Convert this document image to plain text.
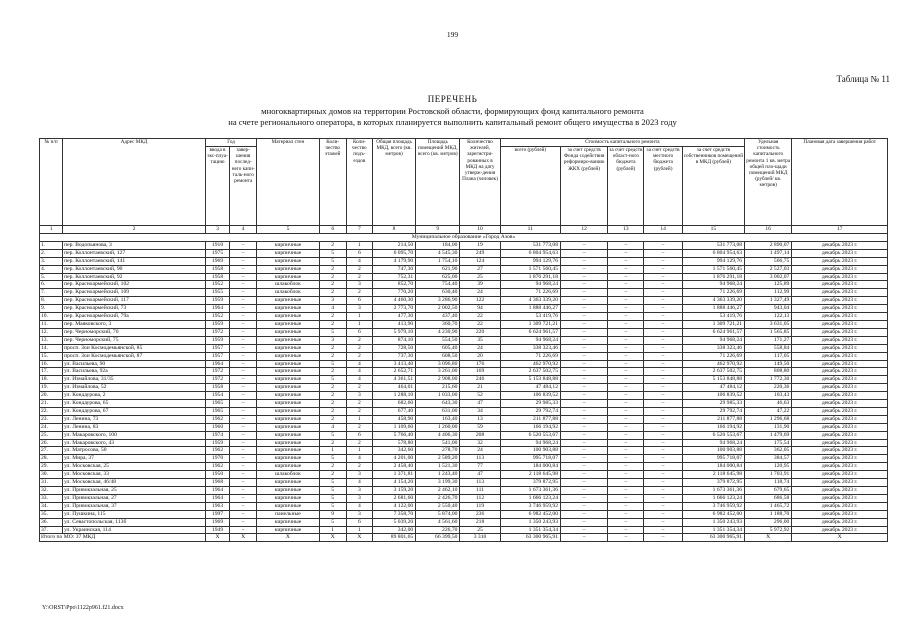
199
Таблица № 11
ПЕРЕЧЕНЬ
многоквартирных домов на территории Ростовской области, формирующих фонд капитального ремонта
на счете регионального оператора, в которых планируется выполнить капитальный ремонт общего имущества в 2023 году
№ п/п	Адрес МКД	Год		Материал стен	Коли-чество этажей	Коли-чество подъ-ездов	Общая площадь МКД, всего (кв. метров)	Площадь помещений МКД, всего (кв. метров)	Количество жителей, зарегистри-рованных в МКД на дату утверж-дения Плана (человек)	Стоимость капитального ремонта					Удельная стоимость капитального ремонта 1 кв. метра общей пло-щади помещений МКД (рублей/ кв. метров)	Плановая дата завершения работ
		ввода в экс-плуа-тацию	завер-шения послед-него капи-таль-ного ремонта							всего (рублей)	за счет средств Фонда содействия реформиро-ванию ЖКХ (рублей)	за счет средств област-ного бюджета (рублей)	за счет средств местного бюджета (рублей)	за счет средств собственников помещений в МКД (рублей)		
1	2	3	4	5	6	7	8	9	10	11	12	13	14	15	16	17
Муниципальное образование «Город Азов»																
1.	пер. Водопьянова, 3	1910	–	кирпичные	2	1	214,50	184,00	19	531 773,08	–	–	–	531 773,08	2 890,07	декабрь 2023 г.
2.	пер. Коллонтаевский, 127	1975	–	кирпичные	5	6	6 095,70	4 545,30	249	6 804 954,63	–	–	–	6 804 954,63	1 497,14	декабрь 2023 г.
3.	пер. Коллонтаевский, 141	1969	–	кирпичные	5	4	4 179,90	1 754,10	124	994 129,76	–	–	–	994 129,76	566,75	декабрь 2023 г.
4.	пер. Коллонтаевский, 90	1958	–	кирпичные	2	2	747,30	621,90	27	1 571 560,45	–	–	–	1 571 560,45	2 527,03	декабрь 2023 г.
5.	пер. Коллонтаевский, 92	1958	–	кирпичные	2	2	752,31	625,00	25	1 876 291,18	–	–	–	1 876 291,18	3 002,07	декабрь 2023 г.
6.	пер. Красноармейский, 102	1952	–	шлакоблок	2	3	852,70	754,40	39	94 968,24	–	–	–	94 968,24	125,89	декабрь 2023 г.
7.	пер. Красноармейский, 109	1955	–	шлакоблок	2	2	770,20	630,40	24	71 226,69	–	–	–	71 226,69	112,99	декабрь 2023 г.
8.	пер. Красноармейский, 117	1959	–	кирпичные	3	6	4 460,30	3 286,90	122	4 363 339,20	–	–	–	4 363 339,20	1 327,49	декабрь 2023 г.
9.	пер. Красноармейский, 73	1964	–	кирпичные	4	3	2 773,70	2 002,50	94	1 888 446,27	–	–	–	1 888 446,27	943,04	декабрь 2023 г.
10.	пер. Красноармейский, 79а	1952	–	кирпичные	2	1	477,30	437,40	22	53 419,76	–	–	–	53 419,76	122,13	декабрь 2023 г.
11.	пер. Маяковского, 3	1959	–	кирпичные	2	1	413,90	360,70	22	1 309 721,21	–	–	–	1 309 721,21	3 631,05	декабрь 2023 г.
12.	пер. Черноморский, 70	1972	–	кирпичные	5	6	5 979,10	4 230,90	220	6 624 961,57	–	–	–	6 624 961,57	1 565,85	декабрь 2023 г.
13.	пер. Черноморский, 75	1959	–	кирпичные	3	2	874,10	554,50	35	94 968,24	–	–	–	94 968,24	171,27	декабрь 2023 г.
14.	просп. Зои Космодемьянской, 85	1957	–	кирпичные	2	2	728,50	605,40	24	338 323,46	–	–	–	338 323,46	558,84	декабрь 2023 г.
15.	просп. Зои Космодемьянской, 87	1957	–	кирпичные	2	2	737,30	608,50	20	71 226,69	–	–	–	71 226,69	117,05	декабрь 2023 г.
16.	ул. Васильева, 90	1964	–	кирпичные	5	4	3 413,40	3 096,80	176	462 970,92	–	–	–	462 970,92	149,50	декабрь 2023 г.
17.	ул. Васильева, 92а	1972	–	кирпичные	2	4	2 652,71	3 261,00	169	2 637 502,75	–	–	–	2 637 502,75	808,80	декабрь 2023 г.
18.	ул. Измайлова, 31/35	1972	–	кирпичные	5	4	4 361,51	2 908,00	246	5 153 848,88	–	–	–	5 153 848,88	1 772,30	декабрь 2023 г.
19.	ул. Измайлова, 52	1958	–	кирпичные	2	2	464,01	215,60	21	47 484,12	–	–	–	47 484,12	220,36	декабрь 2023 г.
20.	ул. Кондаурова, 2	1954	–	кирпичные	2	3	1 288,10	1 033,00	52	106 839,52	–	–	–	106 839,52	103,43	декабрь 2023 г.
21.	ул. Кондаурова, 65	1965	–	кирпичные	2	2	682,60	643,30	47	29 985,33	–	–	–	29 985,33	46,63	декабрь 2023 г.
22.	ул. Кондаурова, 67	1965	–	кирпичные	2	2	677,40	631,00	34	29 792,74	–	–	–	29 792,74	47,22	декабрь 2023 г.
23.	ул. Ленина, 73	1962	–	кирпичные	2	1	458,90	163,40	13	211 877,88	–	–	–	211 877,88	1 296,68	декабрь 2023 г.
24.	ул. Ленина, 83	1960	–	кирпичные	4	2	1 109,60	1 260,00	59	166 194,92	–	–	–	166 194,92	131,90	декабрь 2023 г.
25.	ул. Макаровского, 100	1974	–	кирпичные	5	6	5 766,40	4 406,30	208	6 520 553,67	–	–	–	6 520 553,67	1 479,69	декабрь 2023 г.
26.	ул. Макаровского, 43	1959	–	кирпичные	2	2	578,80	541,00	32	94 968,24	–	–	–	94 968,24	175,54	декабрь 2023 г.
27.	ул. Матросова, 50	1962	–	кирпичные	1	1	342,60	278,70	24	100 903,88	–	–	–	100 903,88	362,05	декабрь 2023 г.
28.	ул. Мира, 37	1970	–	кирпичные	5	4	4 201,00	2 589,20	113	995 718,07	–	–	–	995 718,07	384,57	декабрь 2023 г.
29.	ул. Московская, 25	1962	–	кирпичные	2	2	2 458,40	1 521,30	77	184 000,84	–	–	–	184 000,84	120,95	декабрь 2023 г.
30.	ул. Московская, 33	1950	–	шлакоблок	2	3	1 371,81	1 243,40	47	2 118 645,98	–	–	–	2 118 645,98	1 703,91	декабрь 2023 г.
31.	ул. Московская, 46/48	1968	–	кирпичные	5	4	4 154,20	3 199,30	113	379 872,95	–	–	–	379 872,95	118,74	декабрь 2023 г.
32.	ул. Привокзальная, 25	1964	–	кирпичные	5	3	3 159,20	2 462,10	111	1 673 361,36	–	–	–	1 673 361,36	679,65	декабрь 2023 г.
33.	ул. Привокзальная, 27	1964	–	кирпичные	5	3	2 681,60	2 426,70	112	1 666 123,24	–	–	–	1 666 123,24	686,58	декабрь 2023 г.
34.	ул. Привокзальная, 37	1963	–	кирпичные	5	4	4 122,00	2 550,40	119	3 746 959,92	–	–	–	3 746 959,92	1 465,72	декабрь 2023 г.
35.	ул. Пушкина, 115	1997	–	панельные	9	3	7 358,70	5 874,00	236	6 982 452,00	–	–	–	6 982 452,00	1 188,70	декабрь 2023 г.
36.	ул. Севастопольская, 113б	1969	–	кирпичные	5	6	5 039,20	4 561,60	218	1 350 243,93	–	–	–	1 350 243,93	296,00	декабрь 2023 г.
37.	ул. Украинская, 114	1949	–	кирпичные	1	1	342,00	226,70	25	1 351 354,34	–	–	–	1 351 354,34	5 972,92	декабрь 2023 г.
Итого по МО: 37 МКД		Х	Х	Х	Х	Х	89 801,65	66 399,50	3 310	63 300 965,91	–	–	–	63 300 965,91	Х	Х
Y:\ORST\Ppo\1122p961.f21.docx
